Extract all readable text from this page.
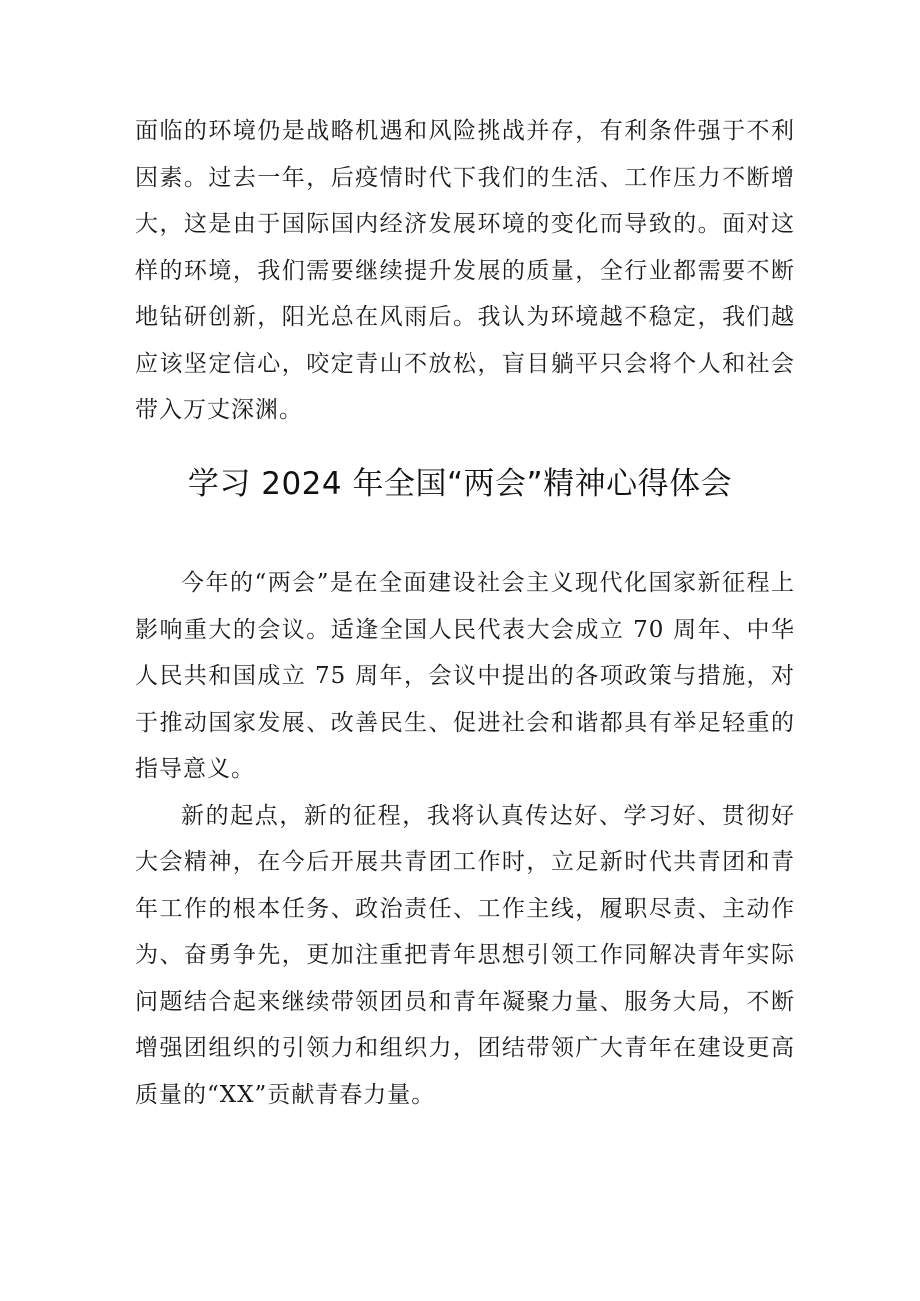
面临的环境仍是战略机遇和风险挑战并存，有利条件强于不利因素。过去一年，后疫情时代下我们的生活、工作压力不断增大，这是由于国际国内经济发展环境的变化而导致的。面对这样的环境，我们需要继续提升发展的质量，全行业都需要不断地钻研创新，阳光总在风雨后。我认为环境越不稳定，我们越应该坚定信心，咬定青山不放松，盲目躺平只会将个人和社会带入万丈深渊。

学习 2024 年全国“两会”精神心得体会

今年的“两会”是在全面建设社会主义现代化国家新征程上影响重大的会议。适逢全国人民代表大会成立 70 周年、中华人民共和国成立 75 周年，会议中提出的各项政策与措施，对于推动国家发展、改善民生、促进社会和谐都具有举足轻重的指导意义。

新的起点，新的征程，我将认真传达好、学习好、贯彻好大会精神，在今后开展共青团工作时，立足新时代共青团和青年工作的根本任务、政治责任、工作主线，履职尽责、主动作为、奋勇争先，更加注重把青年思想引领工作同解决青年实际问题结合起来继续带领团员和青年凝聚力量、服务大局，不断增强团组织的引领力和组织力，团结带领广大青年在建设更高质量的“XX”贡献青春力量。
